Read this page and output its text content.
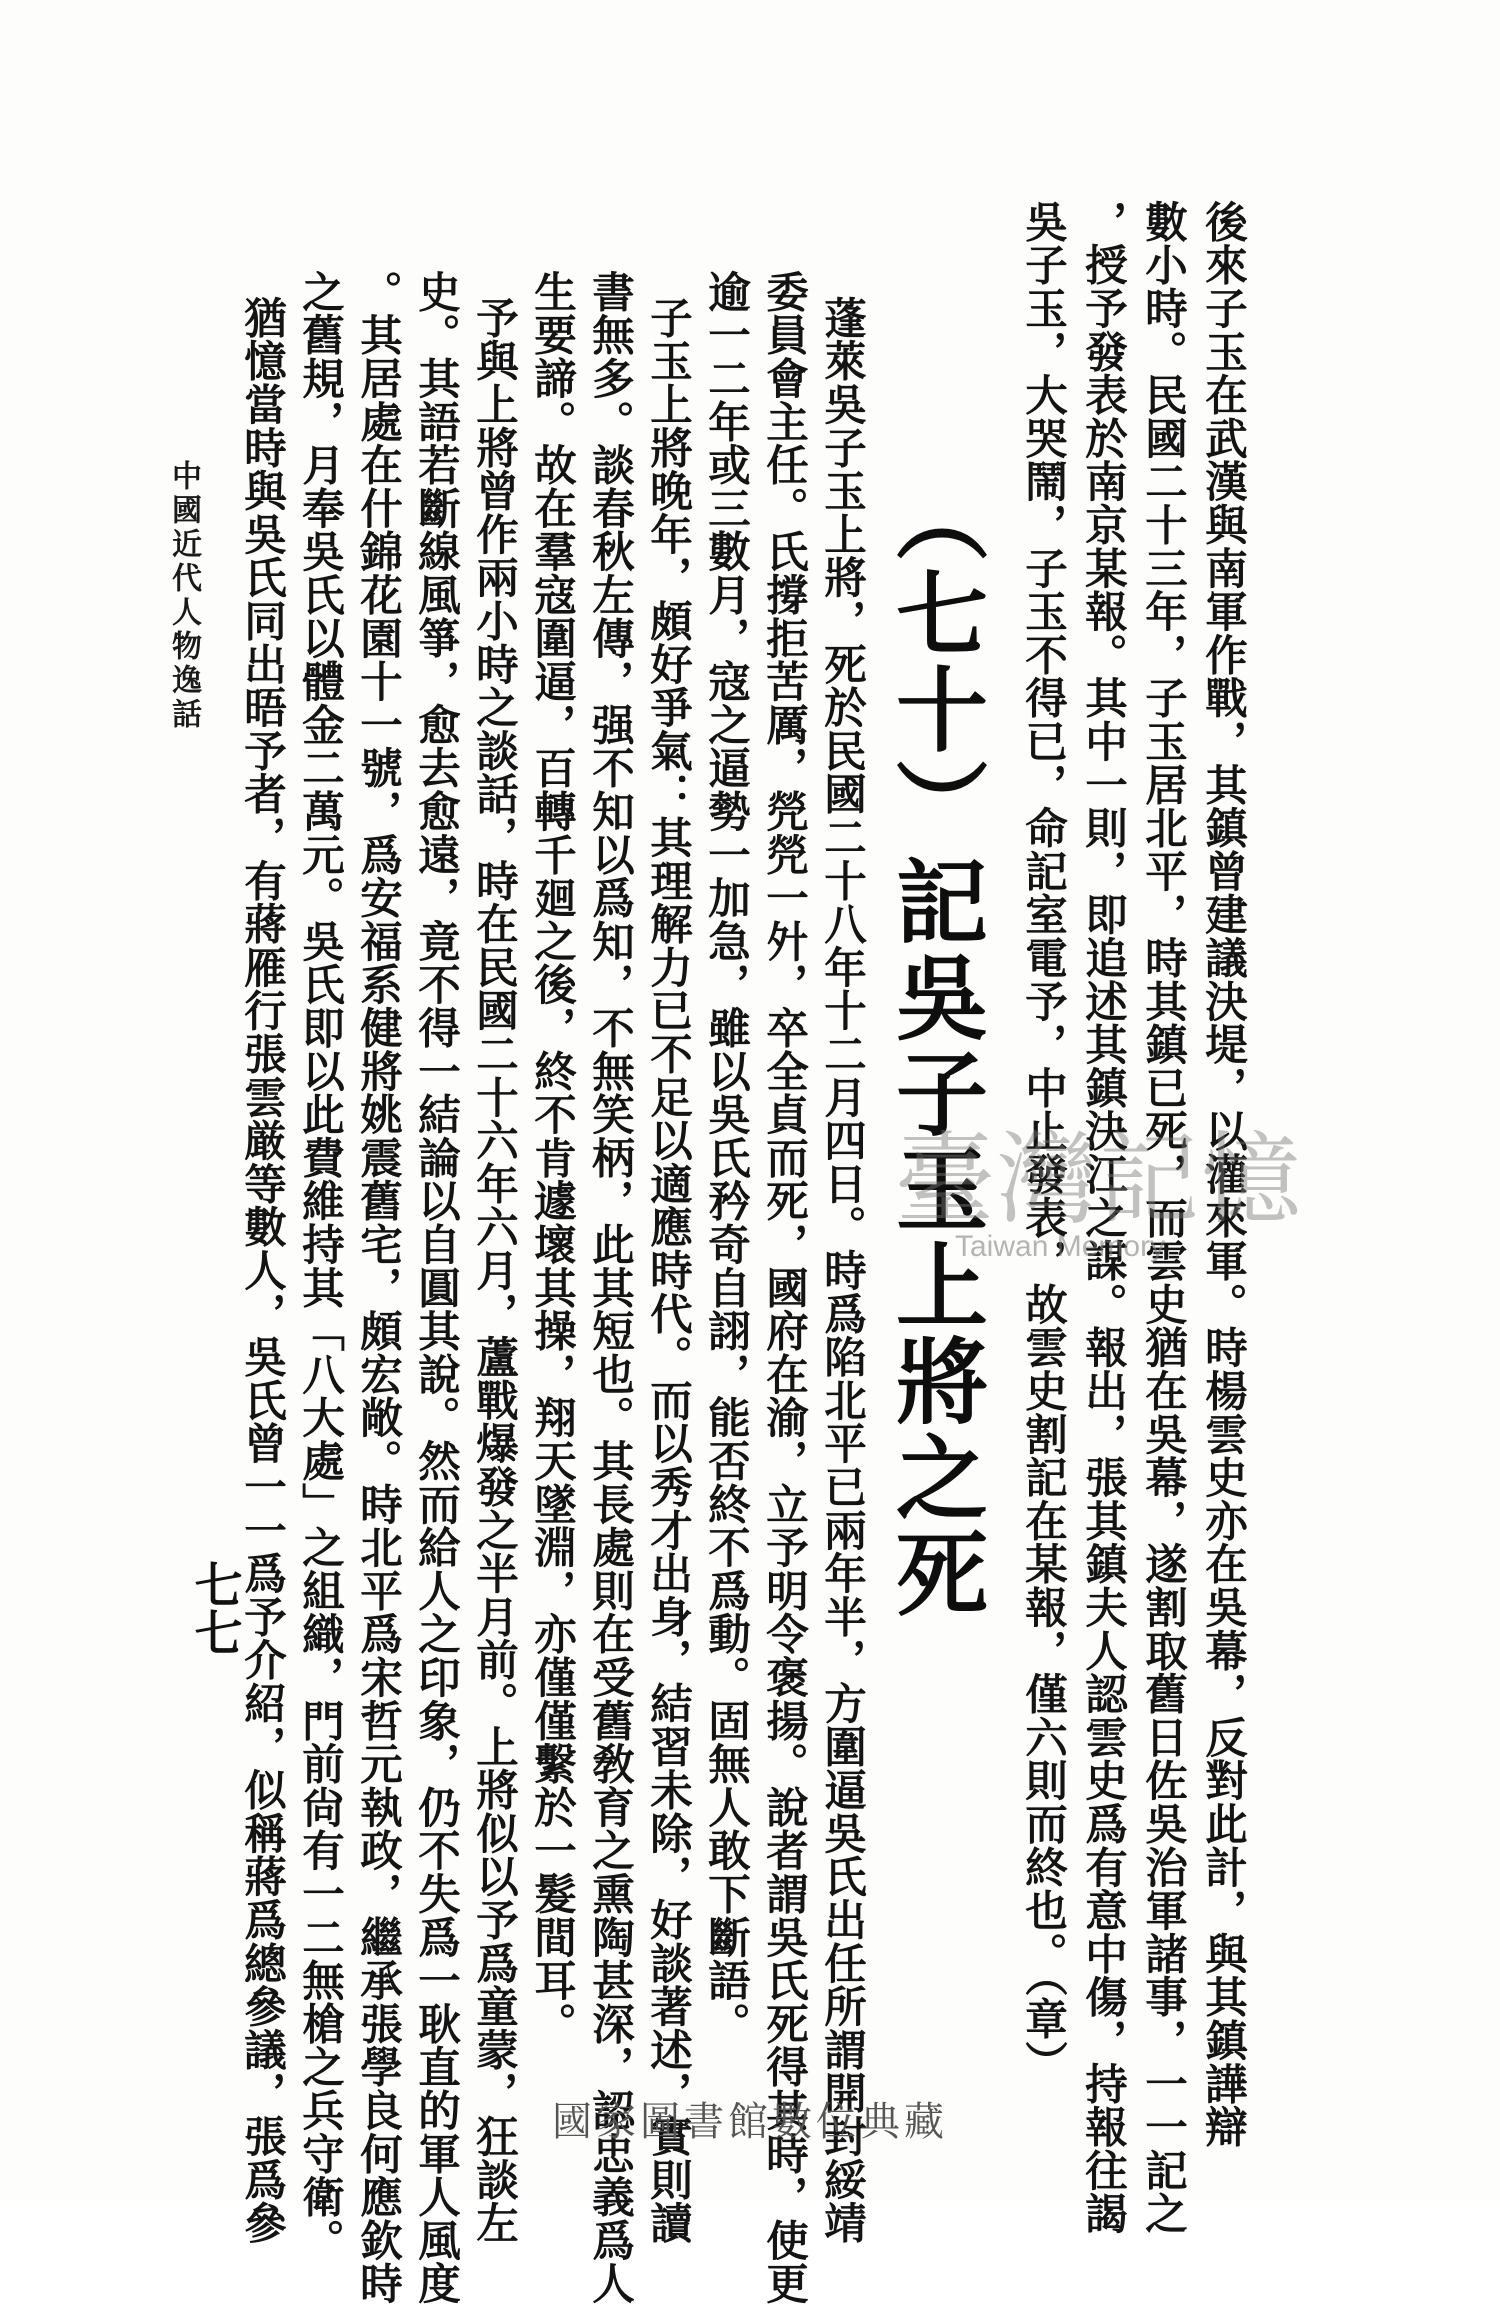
後來子玉在武漢與南軍作戰，其鎮曾建議決堤，以灌來軍。時楊雲史亦在吳幕，反對此計，與其鎮譁辯
數小時。民國二十三年，子玉居北平，時其鎮已死，而雲史猶在吳幕，遂割取舊日佐吳治軍諸事，一一記之
，授予發表於南京某報。其中一則，即追述其鎮決江之謀。報出，張其鎮夫人認雲史爲有意中傷，持報往謁
吳子玉，大哭鬧，子玉不得已，命記室電予，中止發表，故雲史割記在某報，僅六則而終也。（章）
（七十）記吳子玉上將之死
臺灣記憶
Taiwan Memory
蓬萊吳子玉上將，死於民國二十八年十二月四日。時爲陷北平已兩年半，方圍逼吳氏出任所謂開封綏靖
委員會主任。氏撐拒苦厲，焭焭一㚈，卒全貞而死，國府在渝，立予明令褒揚。說者謂吳氏死得其時，使更
逾一二年或三數月，寇之逼勢一加急，雖以吳氏矜奇自詡，能否終不爲動。固無人敢下斷語。
子玉上將晚年，頗好爭氣：其理解力已不足以適應時代。而以秀才出身，結習未除，好談著述，實則讀
書無多。談春秋左傳，强不知以爲知，不無笑柄，此其短也。其長處則在受舊敎育之熏陶甚深，認忠義爲人
生要諦。故在羣寇圍逼，百轉千廻之後，終不肯遽壞其操，翔天墜淵，亦僅僅繫於一髮間耳。
予與上將曾作兩小時之談話，時在民國二十六年六月，蘆戰爆發之半月前。上將似以予爲童蒙，狂談左
史。其語若斷線風箏，愈去愈遠，竟不得一結論以自圓其說。然而給人之印象，仍不失爲一耿直的軍人風度
。其居處在什錦花園十一號，爲安福系健將姚震舊宅，頗宏敞。時北平爲宋哲元執政，繼承張學良何應欽時
之舊規，月奉吳氏以體金二萬元。吳氏即以此費維持其「八大處」之組織，門前尙有一二無槍之兵守衛。
猶憶當時與吳氏同出晤予者，有蔣雁行張雲厳等數人，吳氏曾一一爲予介紹，似稱蔣爲總參議，張爲參
中國近代人物逸話
七七
國家圖書館數位典藏
